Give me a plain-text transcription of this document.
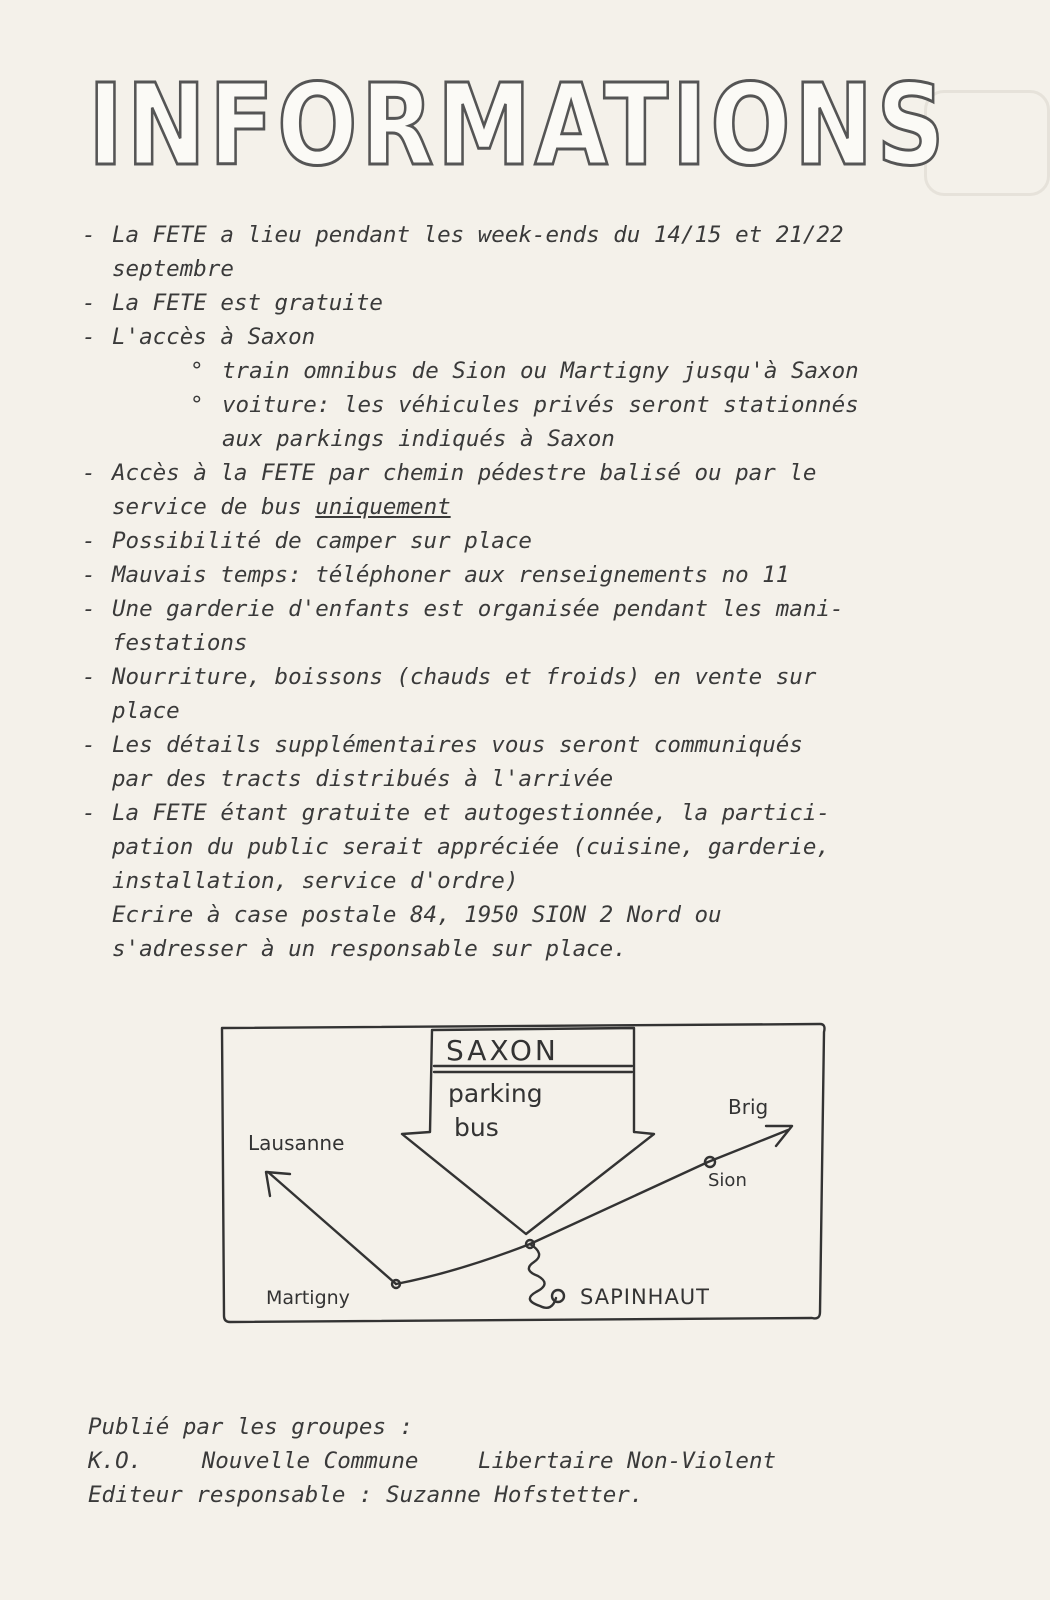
INFORMATIONS
- La FETE a lieu pendant les week-ends du 14/15 et 21/22
septembre
- La FETE est gratuite
- L'accès à Saxon
° train omnibus de Sion ou Martigny jusqu'à Saxon
° voiture: les véhicules privés seront stationnés
aux parkings indiqués à Saxon
- Accès à la FETE par chemin pédestre balisé ou par le
service de bus uniquement
- Possibilité de camper sur place
- Mauvais temps: téléphoner aux renseignements no 11
- Une garderie d'enfants est organisée pendant les mani-
festations
- Nourriture, boissons (chauds et froids) en vente sur
place
- Les détails supplémentaires vous seront communiqués
par des tracts distribués à l'arrivée
- La FETE étant gratuite et autogestionnée, la partici-
pation du public serait appréciée (cuisine, garderie,
installation, service d'ordre)
Ecrire à case postale 84, 1950 SION 2 Nord ou
s'adresser à un responsable sur place.
SAXON
parking
bus
Lausanne
Brig
Sion
Martigny	SAPINHAUT
Publié par les groupes :
K.O.	Nouvelle Commune	Libertaire Non-Violent
Editeur responsable : Suzanne Hofstetter.
